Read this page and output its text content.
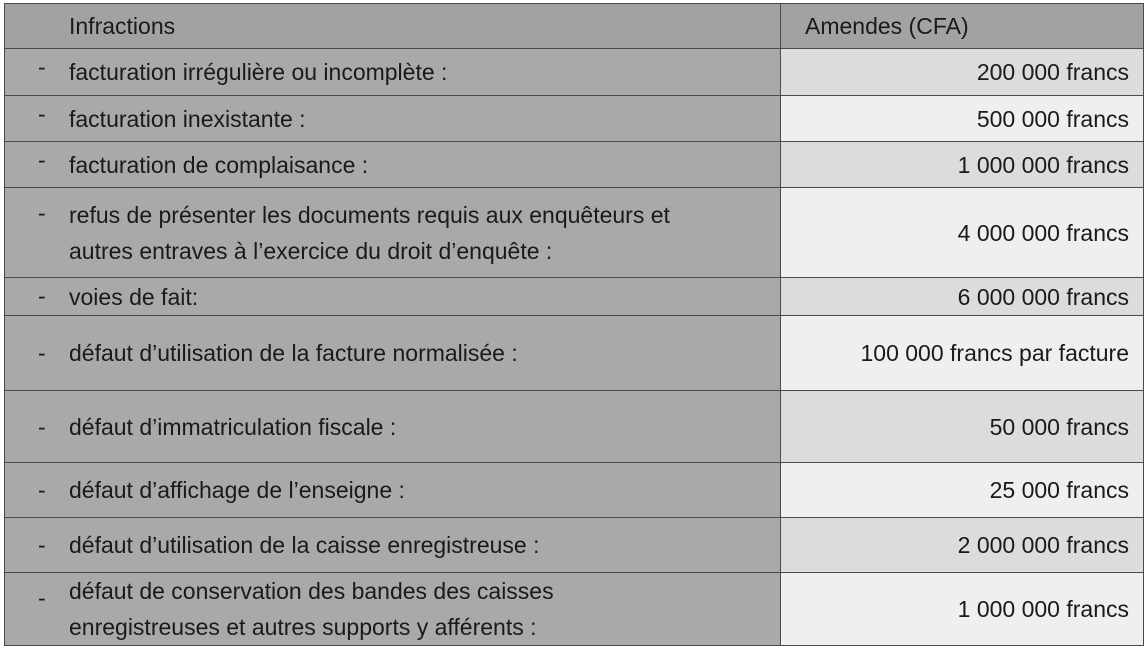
Infractions	Amendes (CFA)

- facturation irrégulière ou incomplète :	200 000 francs

- facturation inexistante :	500 000 francs

- facturation de complaisance :	1 000 000 francs

- refus de présenter les documents requis aux enquêteurs et
autres entraves à l’exercice du droit d’enquête :	4 000 000 francs

- voies de fait:	6 000 000 francs

- défaut d’utilisation de la facture normalisée :	100 000 francs par facture

- défaut d’immatriculation fiscale :	50 000 francs

- défaut d’affichage de l’enseigne :	25 000 francs

- défaut d’utilisation de la caisse enregistreuse :	2 000 000 francs

- défaut de conservation des bandes des caisses
enregistreuses et autres supports y afférents :	1 000 000 francs
